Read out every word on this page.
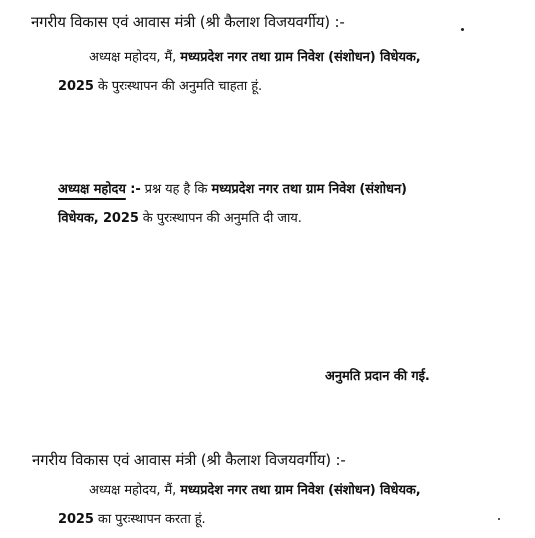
नगरीय विकास एवं आवास मंत्री (श्री कैलाश विजयवर्गीय) :-
अध्यक्ष महोदय, मैं, मध्यप्रदेश नगर तथा ग्राम निवेश (संशोधन) विधेयक,
2025 के पुरःस्थापन की अनुमति चाहता हूं.
अध्यक्ष महोदय :- प्रश्न यह है कि मध्यप्रदेश नगर तथा ग्राम निवेश (संशोधन)
विधेयक, 2025 के पुरःस्थापन की अनुमति दी जाय.
अनुमति प्रदान की गई.
नगरीय विकास एवं आवास मंत्री (श्री कैलाश विजयवर्गीय) :-
अध्यक्ष महोदय, मैं, मध्यप्रदेश नगर तथा ग्राम निवेश (संशोधन) विधेयक,
2025 का पुरःस्थापन करता हूं.
